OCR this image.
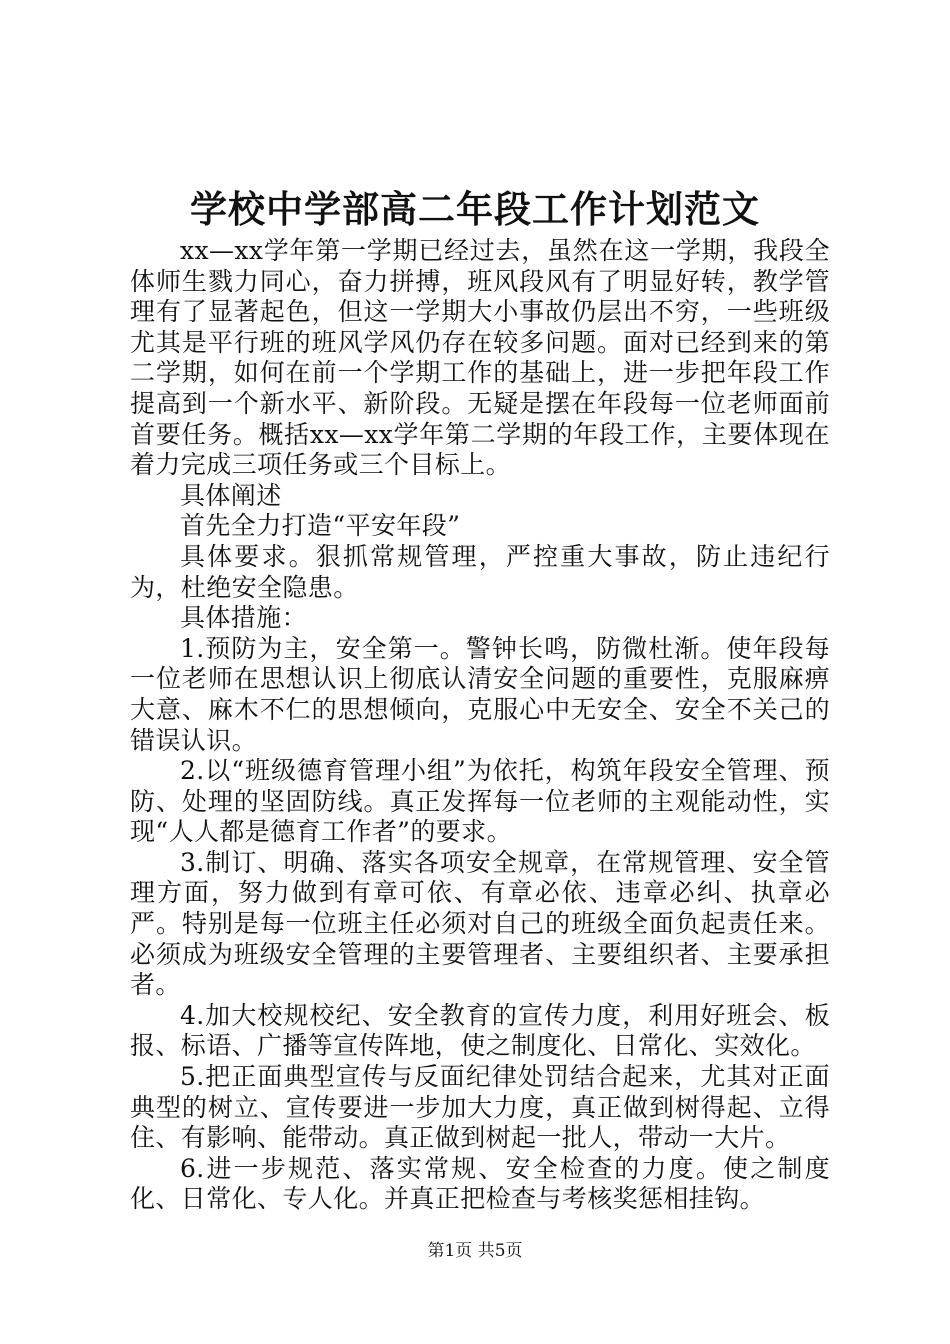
学校中学部高二年段工作计划范文

xx—xx学年第一学期已经过去，虽然在这一学期，我段全体师生戮力同心，奋力拼搏，班风段风有了明显好转，教学管理有了显著起色，但这一学期大小事故仍层出不穷，一些班级尤其是平行班的班风学风仍存在较多问题。面对已经到来的第二学期，如何在前一个学期工作的基础上，进一步把年段工作提高到一个新水平、新阶段。无疑是摆在年段每一位老师面前首要任务。概括xx—xx学年第二学期的年段工作，主要体现在着力完成三项任务或三个目标上。

具体阐述

首先全力打造“平安年段”

具体要求。狠抓常规管理，严控重大事故，防止违纪行为，杜绝安全隐患。

具体措施：

1.预防为主，安全第一。警钟长鸣，防微杜渐。使年段每一位老师在思想认识上彻底认清安全问题的重要性，克服麻痹大意、麻木不仁的思想倾向，克服心中无安全、安全不关己的错误认识。

2.以“班级德育管理小组”为依托，构筑年段安全管理、预防、处理的坚固防线。真正发挥每一位老师的主观能动性，实现“人人都是德育工作者”的要求。

3.制订、明确、落实各项安全规章，在常规管理、安全管理方面，努力做到有章可依、有章必依、违章必纠、执章必严。特别是每一位班主任必须对自己的班级全面负起责任来。必须成为班级安全管理的主要管理者、主要组织者、主要承担者。

4.加大校规校纪、安全教育的宣传力度，利用好班会、板报、标语、广播等宣传阵地，使之制度化、日常化、实效化。

5.把正面典型宣传与反面纪律处罚结合起来，尤其对正面典型的树立、宣传要进一步加大力度，真正做到树得起、立得住、有影响、能带动。真正做到树起一批人，带动一大片。

6.进一步规范、落实常规、安全检查的力度。使之制度化、日常化、专人化。并真正把检查与考核奖惩相挂钩。

第1页 共5页
